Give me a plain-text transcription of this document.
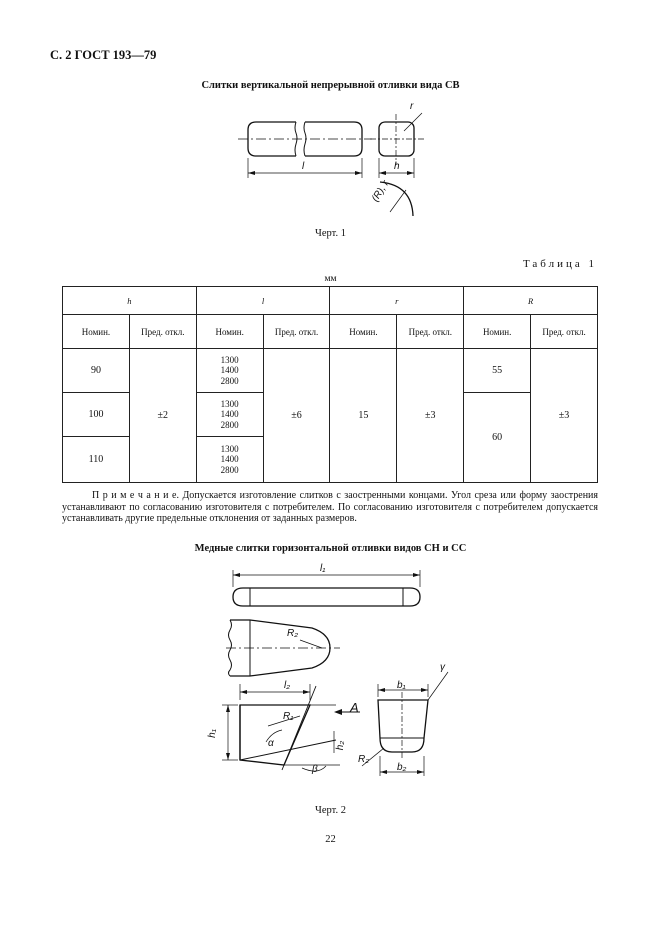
С. 2 ГОСТ 193—79
Слитки вертикальной непрерывной отливки вида СВ
l	h
r
(R), r
Черт. 1
Таблица 1
мм
h		l		r		R	
Номин.	Пред. откл.	Номин.	Пред. откл.	Номин.	Пред. откл.	Номин.	Пред. откл.
90	±2	1300
1400
2800	±6	15	±3	55	±3
100		1300
1400
2800				60	
110		1300
1400
2800					
П р и м е ч а н и е. Допускается изготовление слитков с заостренными концами. Угол среза или форму заострения устанавливают по согласованию изготовителя с потребителем. По согласованию изготовителя с потребителем допускается устанавливать другие предельные отклонения от заданных размеров.
Медные слитки горизонтальной отливки видов СН и СС
l₁
R₂
l₂
h₁
R₁
α
β
A
h₂
b₁
γ
R₂
b₂
Черт. 2
22
